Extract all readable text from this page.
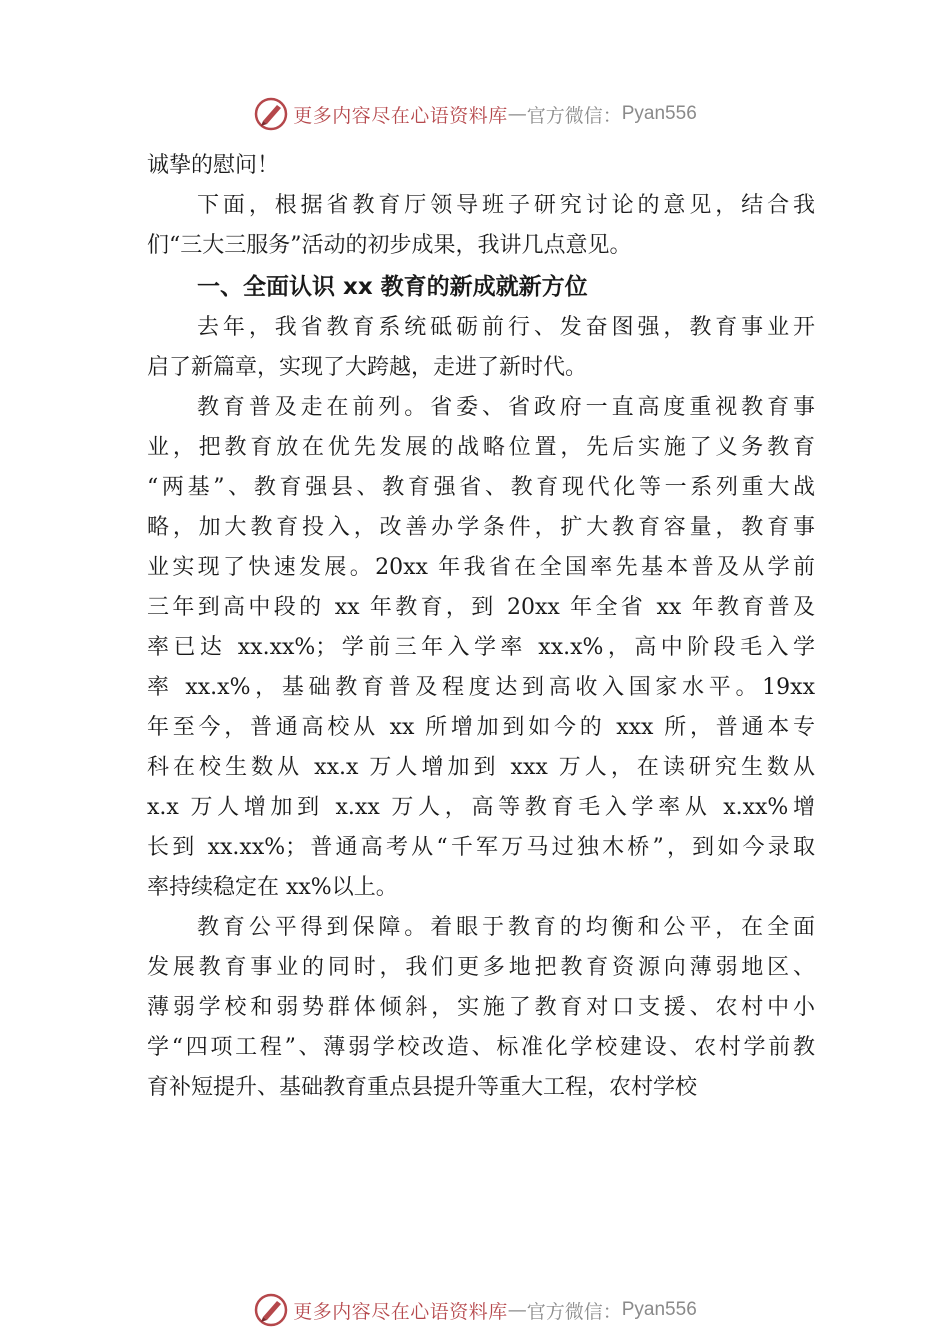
更多内容尽在心语资料库 — 官方微信： Pyan556
诚挚的慰问！
下面，根据省教育厅领导班子研究讨论的意见，结合我
们“三大三服务”活动的初步成果，我讲几点意见。
一、全面认识 xx 教育的新成就新方位
去年，我省教育系统砥砺前行、发奋图强，教育事业开
启了新篇章，实现了大跨越，走进了新时代。
教育普及走在前列。省委、省政府一直高度重视教育事
业，把教育放在优先发展的战略位置，先后实施了义务教育
“两基”、教育强县、教育强省、教育现代化等一系列重大战
略，加大教育投入，改善办学条件，扩大教育容量，教育事
业实现了快速发展。20xx 年我省在全国率先基本普及从学前
三年到高中段的 xx 年教育，到 20xx 年全省 xx 年教育普及
率已达 xx.xx%；学前三年入学率 xx.x%，高中阶段毛入学
率 xx.x%，基础教育普及程度达到高收入国家水平。19xx
年至今，普通高校从 xx 所增加到如今的 xxx 所，普通本专
科在校生数从 xx.x 万人增加到 xxx 万人，在读研究生数从
x.x 万人增加到 x.xx 万人，高等教育毛入学率从 x.xx%增
长到 xx.xx%；普通高考从“千军万马过独木桥”，到如今录取
率持续稳定在 xx%以上。
教育公平得到保障。着眼于教育的均衡和公平，在全面
发展教育事业的同时，我们更多地把教育资源向薄弱地区、
薄弱学校和弱势群体倾斜，实施了教育对口支援、农村中小
学“四项工程”、薄弱学校改造、标准化学校建设、农村学前教
育补短提升、基础教育重点县提升等重大工程，农村学校
更多内容尽在心语资料库 — 官方微信： Pyan556
